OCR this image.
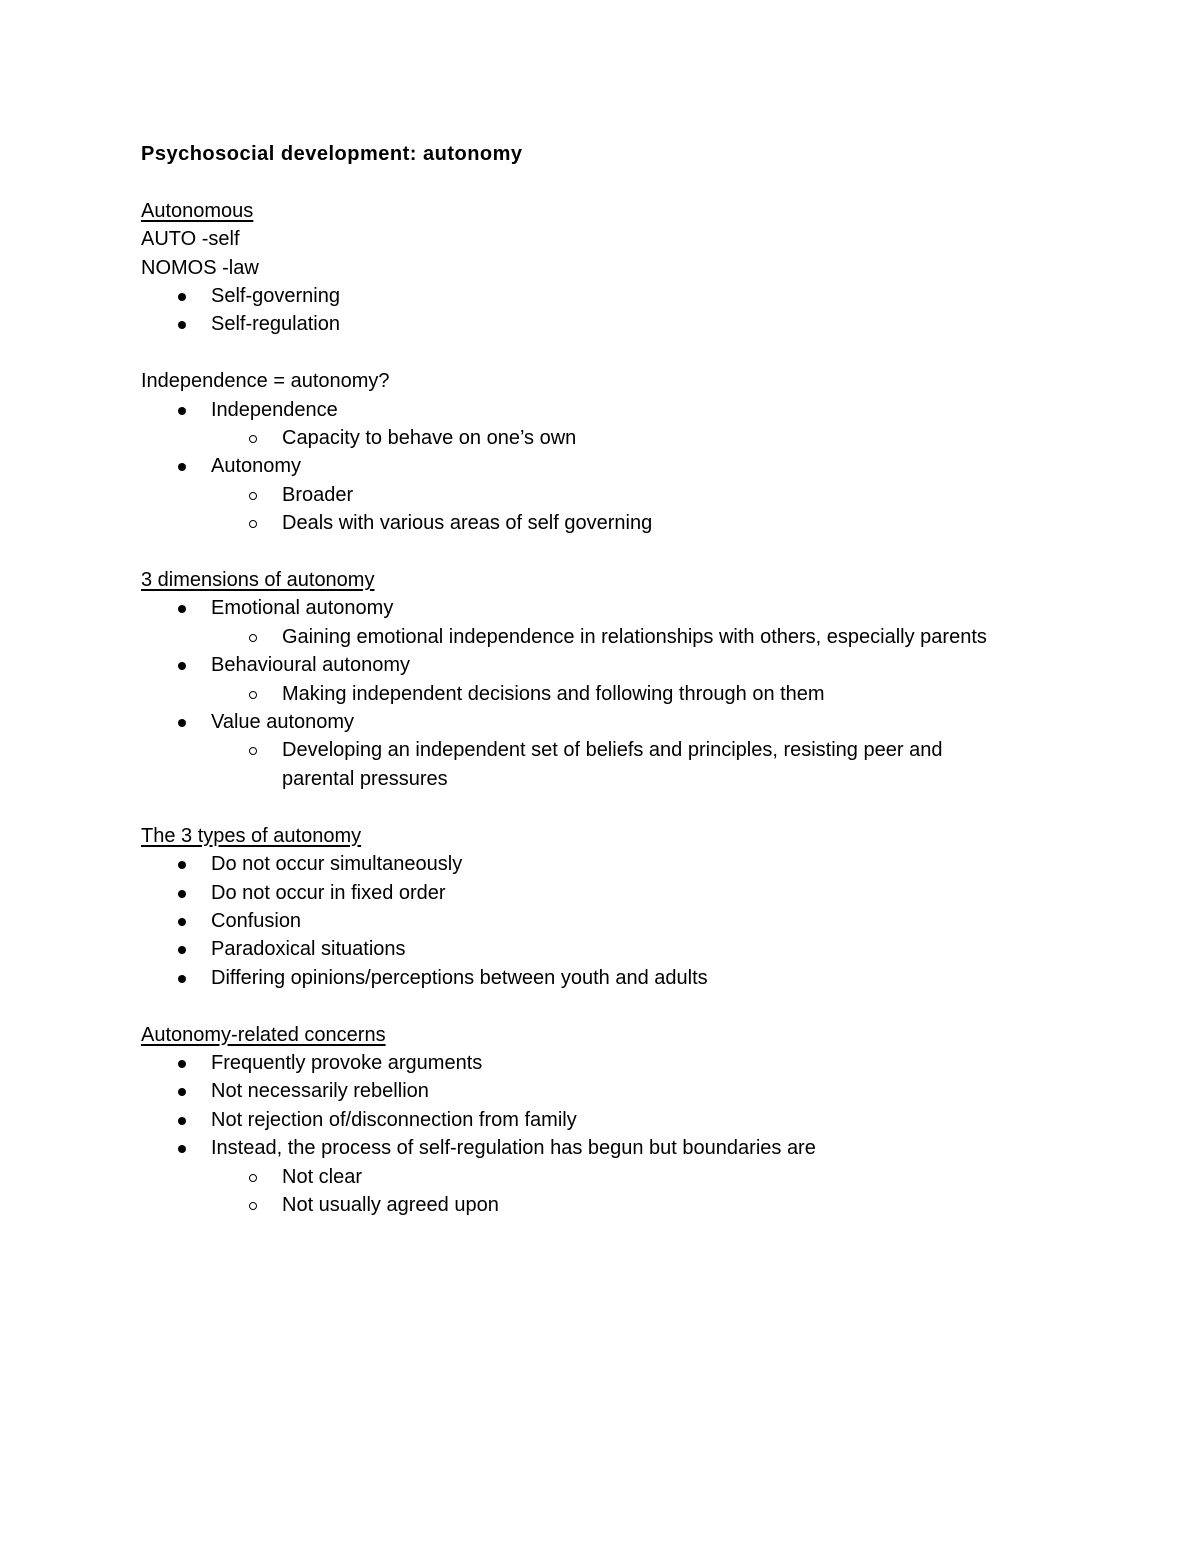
Psychosocial development: autonomy

Autonomous

AUTO -self

NOMOS -law

Self-governing
Self-regulation

Independence = autonomy?

Independence
Capacity to behave on one’s own
Autonomy
Broader
Deals with various areas of self governing

3 dimensions of autonomy

Emotional autonomy
Gaining emotional independence in relationships with others, especially parents
Behavioural autonomy
Making independent decisions and following through on them
Value autonomy
Developing an independent set of beliefs and principles, resisting peer and parental pressures

The 3 types of autonomy

Do not occur simultaneously
Do not occur in fixed order
Confusion
Paradoxical situations
Differing opinions/perceptions between youth and adults

Autonomy-related concerns

Frequently provoke arguments
Not necessarily rebellion
Not rejection of/disconnection from family
Instead, the process of self-regulation has begun but boundaries are
Not clear
Not usually agreed upon
